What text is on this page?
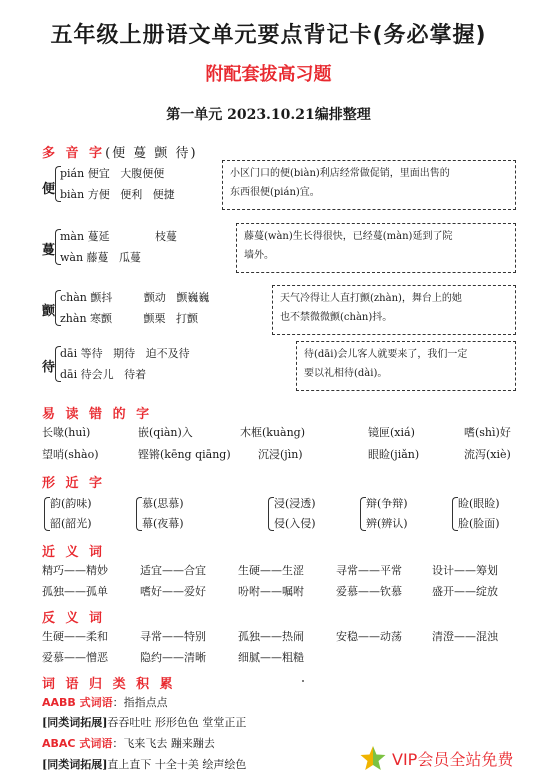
五年级上册语文单元要点背记卡(务必掌握)
附配套拔高习题
第一单元 2023.10.21编排整理
多 音 字(便 蔓 颤 待)
便
pián 便宜   大腹便便
biàn 方便   便利   便捷
小区门口的便(biàn)利店经常做促销，里面出售的
东西很便(pián)宜。
蔓
màn 蔓延             枝蔓
wàn 藤蔓   瓜蔓
藤蔓(wàn)生长得很快，已经蔓(màn)延到了院
墙外。
颤
chàn 颤抖         颤动   颤巍巍
zhàn 寒颤         颤栗   打颤
天气冷得让人直打颤(zhàn)，舞台上的她
也不禁微微颤(chàn)抖。
待
dāi 等待   期待   迫不及待
dāi 待会儿   待着
待(dāi)会儿客人就要来了，我们一定
要以礼相待(dài)。
易 读 错 的 字
长喙(huì)	嵌(qiàn)入	木框(kuàng)	镜匣(xiá)	嗜(shì)好
望哨(shào)	铿锵(kēng qiāng)	沉浸(jìn)	眼睑(jiǎn)	流泻(xiè)
形 近 字
韵(韵味)
韶(韶光)
慕(思慕)
幕(夜幕)
浸(浸透)
侵(入侵)
辩(争辩)
辨(辨认)
睑(眼睑)
脸(脸面)
近 义 词
精巧——精妙	适宜——合宜	生硬——生涩	寻常——平常	设计——筹划
孤独——孤单	嗜好——爱好	吩咐——嘱咐	爱慕——钦慕	盛开——绽放
反 义 词
生硬——柔和	寻常——特别	孤独——热闹	安稳——动荡	清澄——混浊
爱慕——憎恶	隐约——清晰	细腻——粗糙
词 语 归 类 积 累
AABB 式词语：指指点点
[同类词拓展]吞吞吐吐 形形色色 堂堂正正
ABAC 式词语：飞来飞去 蹦来蹦去
[同类词拓展]直上直下 十全十美 绘声绘色	VIP会员全站免费
